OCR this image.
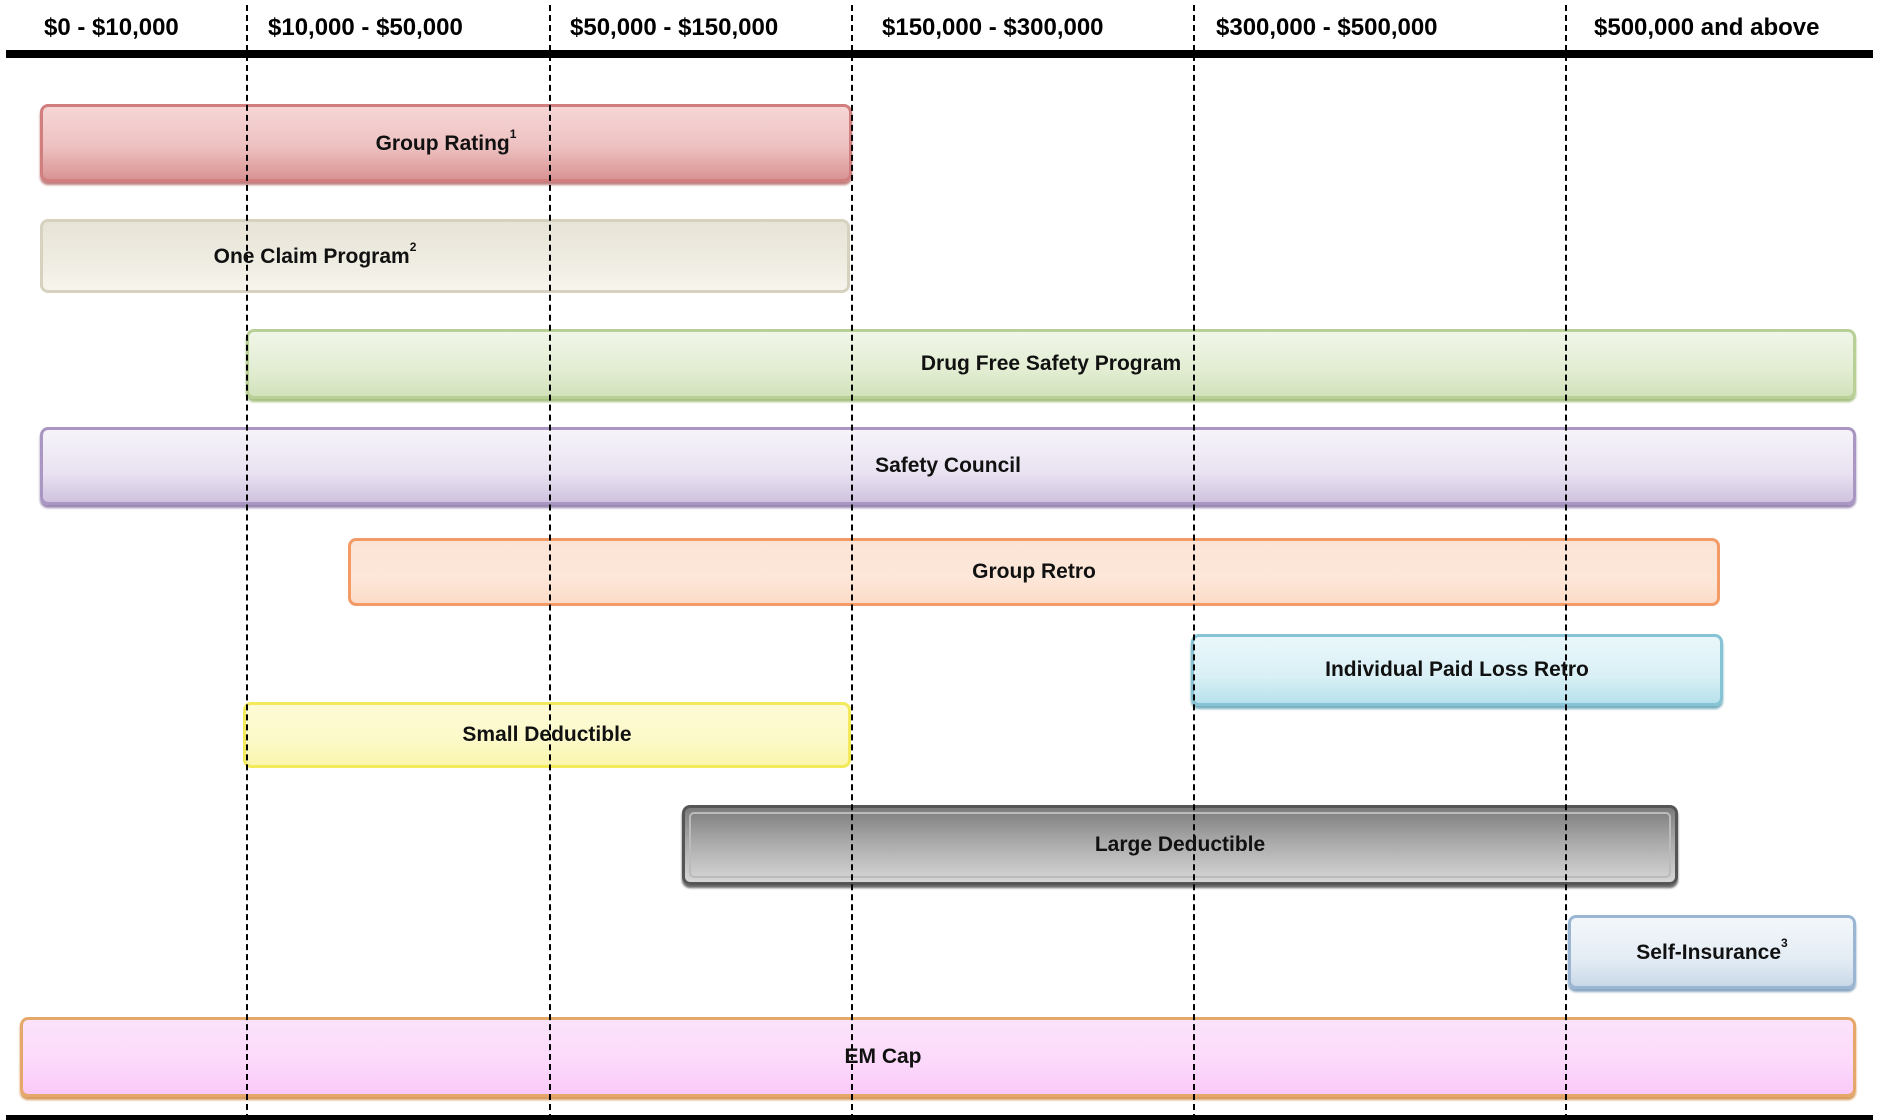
$0 - $10,000	$10,000 - $50,000	$50,000 - $150,000	$150,000 - $300,000	$300,000 - $500,000	$500,000 and above
Group Rating$^1$
One Claim Program$^2$
Drug Free Safety Program
Safety Council
Group Retro
Individual Paid Loss Retro
Small Deductible
Large Deductible
Self-Insurance$^3$
EM Cap
